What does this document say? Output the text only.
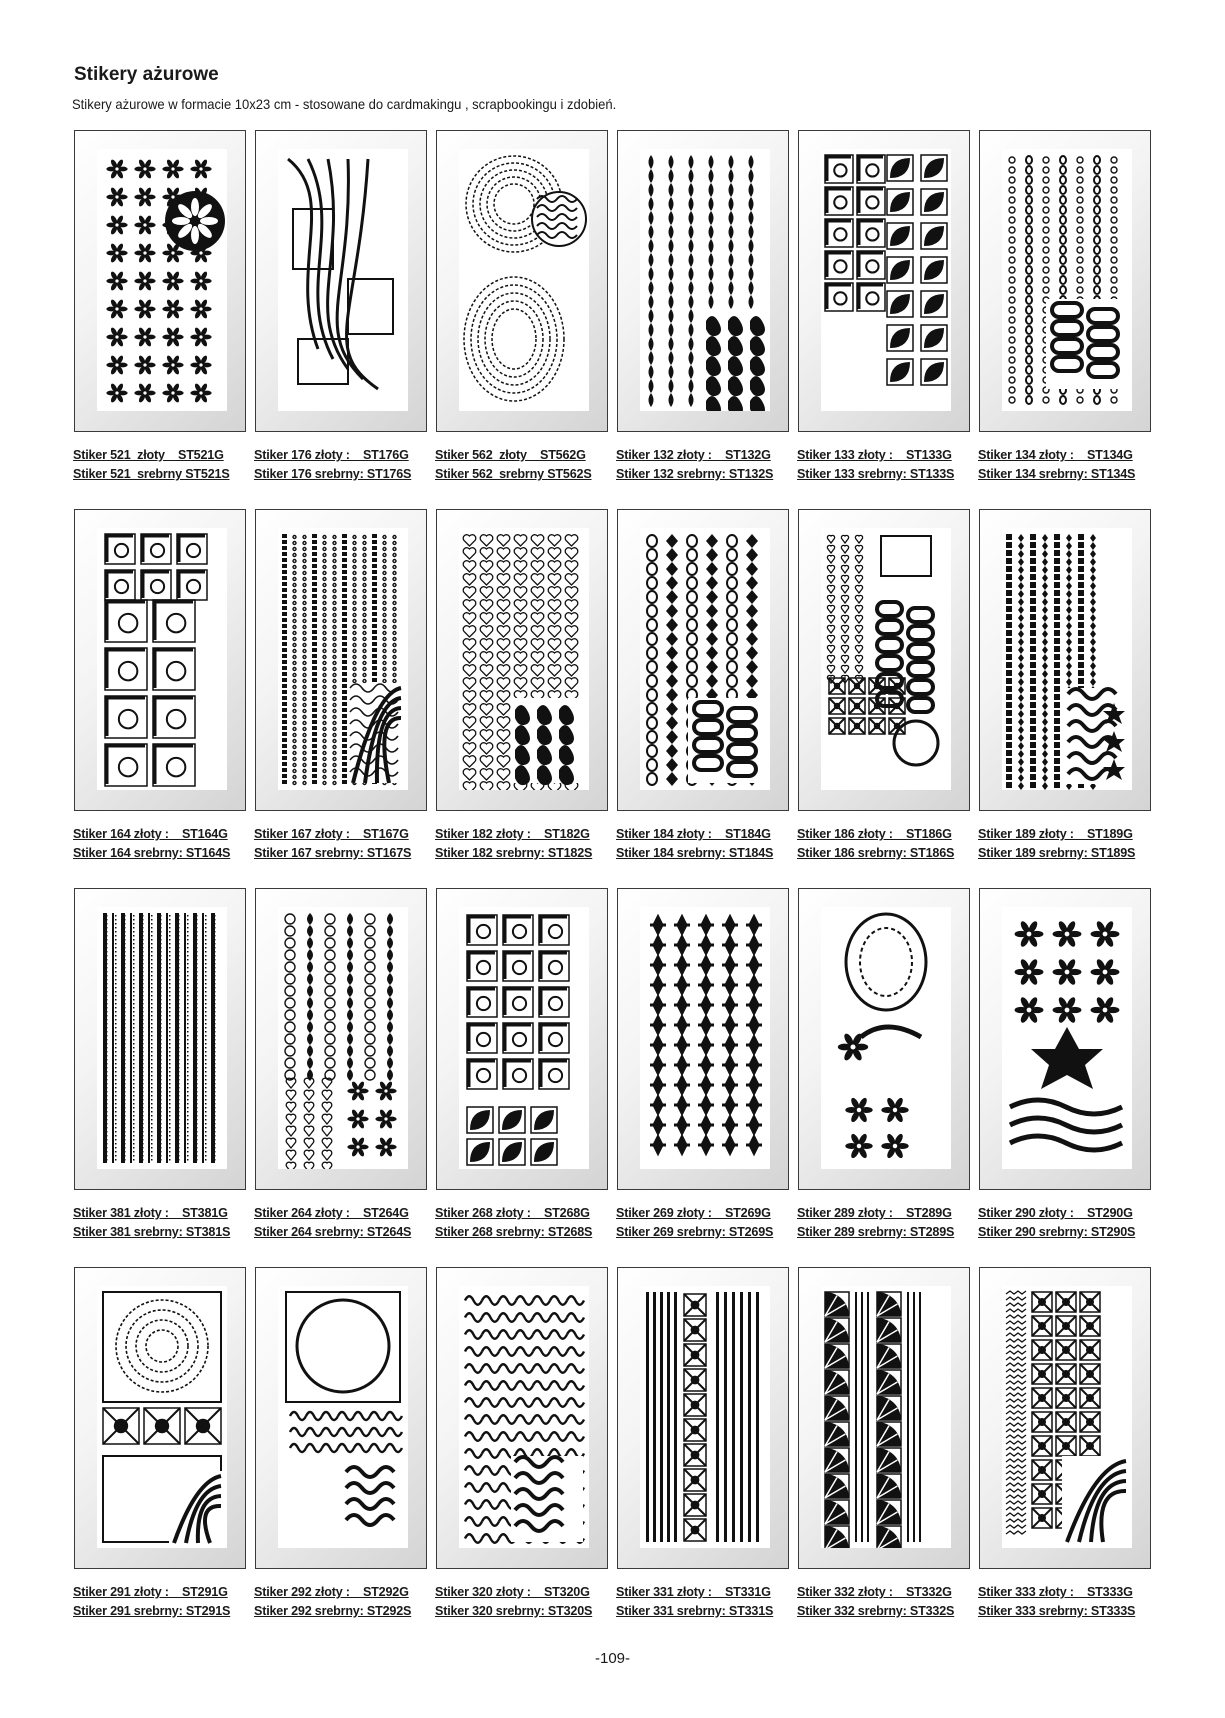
Stikery ażurowe
Stikery ażurowe w formacie 10x23 cm - stosowane do cardmakingu , scrapbookingu i zdobień.
Stiker 521  złoty    ST521G
Stiker 521  srebrny ST521S
Stiker 176 złoty :    ST176G
Stiker 176 srebrny: ST176S
Stiker 562  złoty    ST562G
Stiker 562  srebrny ST562S
Stiker 132 złoty :    ST132G
Stiker 132 srebrny: ST132S
Stiker 133 złoty :    ST133G
Stiker 133 srebrny: ST133S
Stiker 134 złoty :    ST134G
Stiker 134 srebrny: ST134S
Stiker 164 złoty :    ST164G
Stiker 164 srebrny: ST164S
Stiker 167 złoty :    ST167G
Stiker 167 srebrny: ST167S
Stiker 182 złoty :    ST182G
Stiker 182 srebrny: ST182S
Stiker 184 złoty :    ST184G
Stiker 184 srebrny: ST184S
Stiker 186 złoty :    ST186G
Stiker 186 srebrny: ST186S
Stiker 189 złoty :    ST189G
Stiker 189 srebrny: ST189S
Stiker 381 złoty :    ST381G
Stiker 381 srebrny: ST381S
Stiker 264 złoty :    ST264G
Stiker 264 srebrny: ST264S
Stiker 268 złoty :    ST268G
Stiker 268 srebrny: ST268S
Stiker 269 złoty :    ST269G
Stiker 269 srebrny: ST269S
Stiker 289 złoty :    ST289G
Stiker 289 srebrny: ST289S
Stiker 290 złoty :    ST290G
Stiker 290 srebrny: ST290S
Stiker 291 złoty :    ST291G
Stiker 291 srebrny: ST291S
Stiker 292 złoty :    ST292G
Stiker 292 srebrny: ST292S
Stiker 320 złoty :    ST320G
Stiker 320 srebrny: ST320S
Stiker 331 złoty :    ST331G
Stiker 331 srebrny: ST331S
Stiker 332 złoty :    ST332G
Stiker 332 srebrny: ST332S
Stiker 333 złoty :    ST333G
Stiker 333 srebrny: ST333S
-109-
